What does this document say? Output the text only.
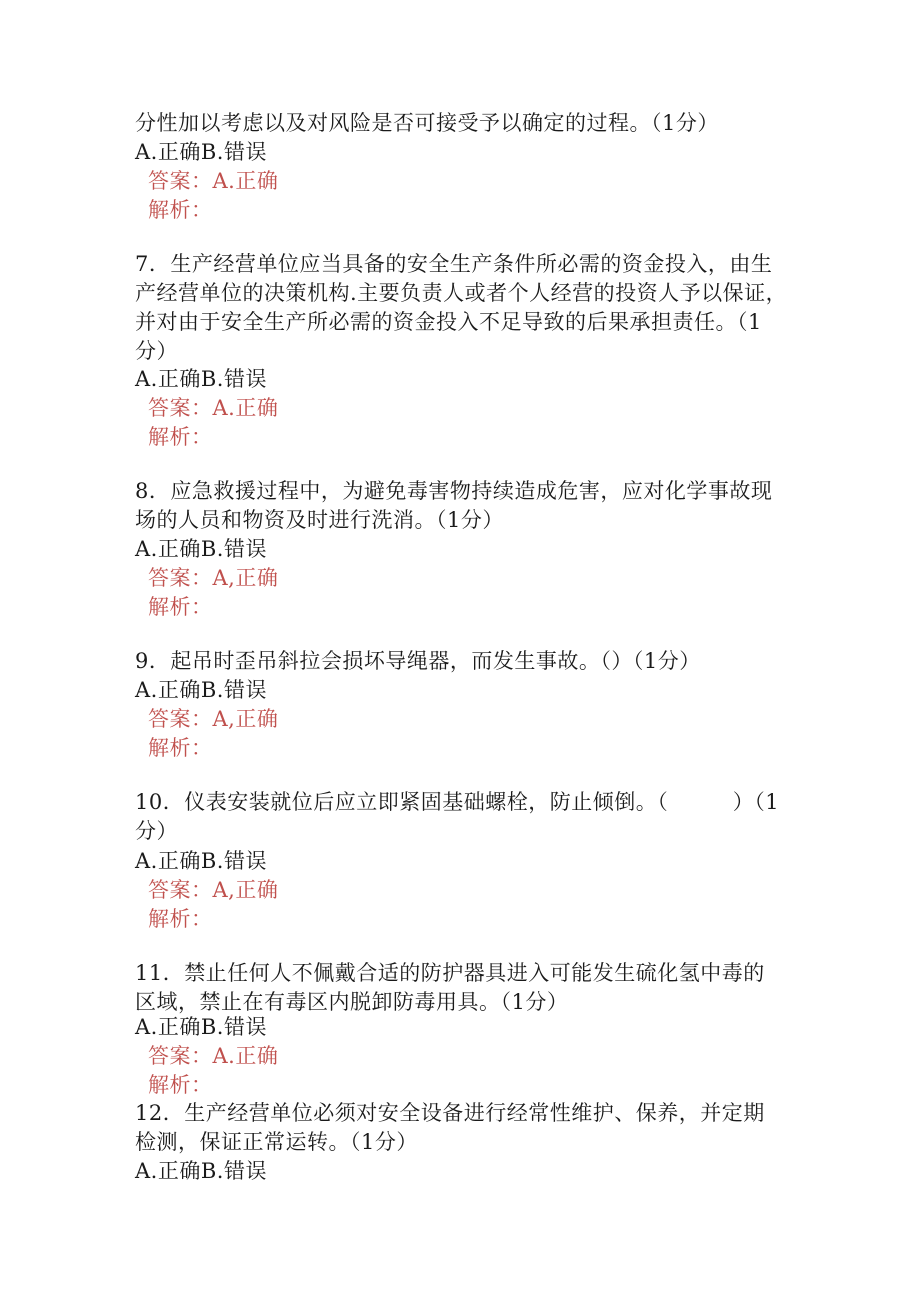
分性加以考虑以及对风险是否可接受予以确定的过程。（1分）
A.正确B.错误
答案：A.正确
解析：
7．生产经营单位应当具备的安全生产条件所必需的资金投入，由生
产经营单位的决策机构.主要负责人或者个人经营的投资人予以保证，
并对由于安全生产所必需的资金投入不足导致的后果承担责任。（1
分）
A.正确B.错误
答案：A.正确
解析：
8．应急救援过程中，为避免毒害物持续造成危害，应对化学事故现
场的人员和物资及时进行洗消。（1分）
A.正确B.错误
答案：A,正确
解析：
9．起吊时歪吊斜拉会损坏导绳器，而发生事故。（）（1分）
A.正确B.错误
答案：A,正确
解析：
10．仪表安装就位后应立即紧固基础螺栓，防止倾倒。（　　　）（1
分）
A.正确B.错误
答案：A,正确
解析：
11．禁止任何人不佩戴合适的防护器具进入可能发生硫化氢中毒的
区域，禁止在有毒区内脱卸防毒用具。（1分）
A.正确B.错误
答案：A.正确
解析：
12．生产经营单位必须对安全设备进行经常性维护、保养，并定期
检测，保证正常运转。（1分）
A.正确B.错误
